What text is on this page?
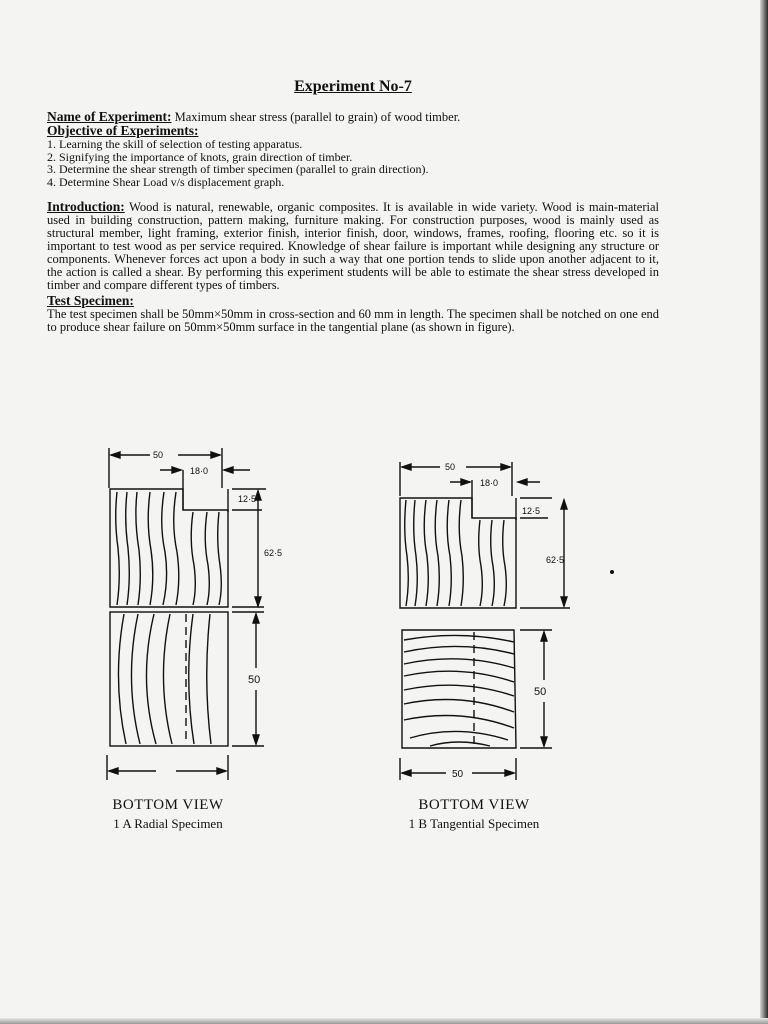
Experiment No-7

Name of Experiment: Maximum shear stress (parallel to grain) of wood timber.

Objective of Experiments:

1. Learning the skill of selection of testing apparatus.
2. Signifying the importance of knots, grain direction of timber.
3. Determine the shear strength of timber specimen (parallel to grain direction).
4. Determine Shear Load v/s displacement graph.

Introduction: Wood is natural, renewable, organic composites. It is available in wide variety. Wood is main-material used in building construction, pattern making, furniture making. For construction purposes, wood is mainly used as structural member, light framing, exterior finish, interior finish, door, windows, frames, roofing, flooring etc. so it is important to test wood as per service required. Knowledge of shear failure is important while designing any structure or components. Whenever forces act upon a body in such a way that one portion tends to slide upon another adjacent to it, the action is called a shear. By performing this experiment students will be able to estimate the shear stress developed in timber and compare different types of timbers.

Test Specimen:

The test specimen shall be 50mm×50mm in cross-section and 60 mm in length. The specimen shall be notched on one end to produce shear failure on 50mm×50mm surface in the tangential plane (as shown in figure).

50
18·0
12·5
62·5
50
50
18·0
12·5
62·5
50
50
BOTTOM VIEW
1 A Radial Specimen
BOTTOM VIEW
1 B Tangential Specimen
